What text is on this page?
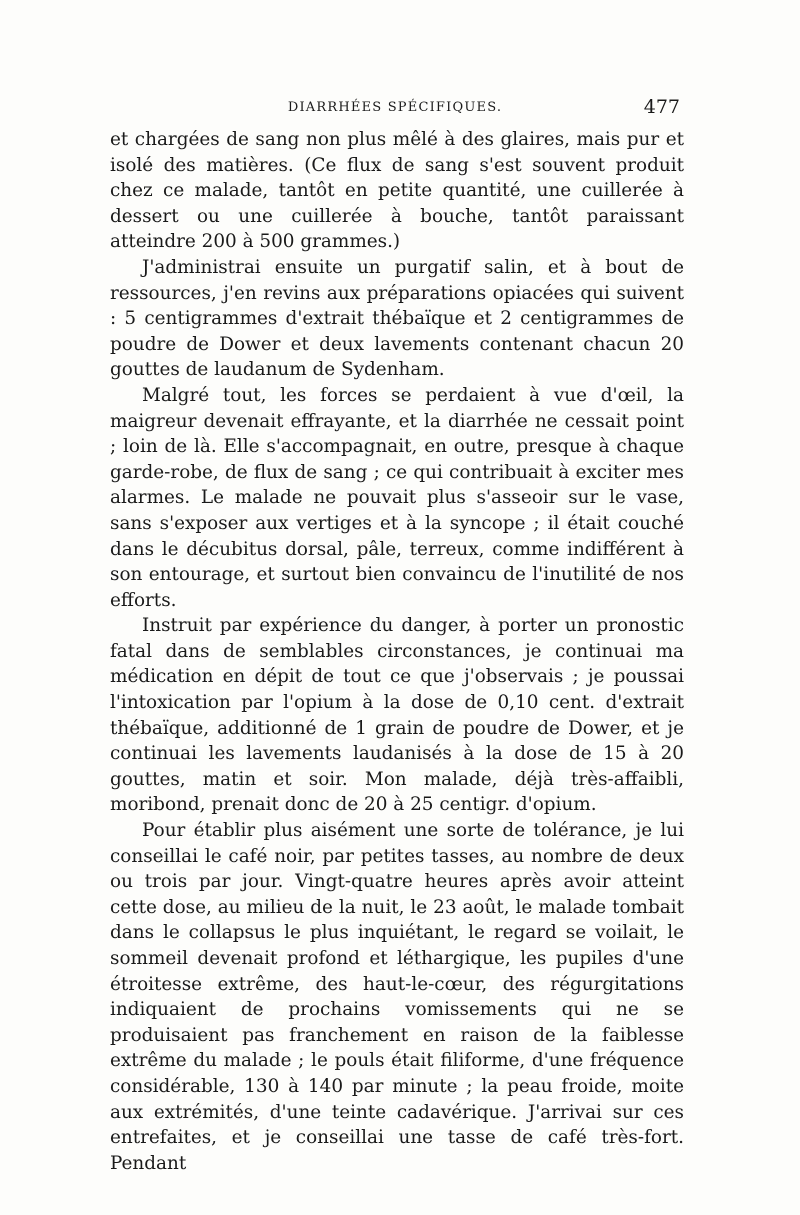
DIARRHÉES SPÉCIFIQUES.	477

et chargées de sang non plus mêlé à des glaires, mais pur et isolé des matières. (Ce flux de sang s'est souvent produit chez ce malade, tantôt en petite quantité, une cuillerée à dessert ou une cuillerée à bouche, tantôt paraissant atteindre 200 à 500 grammes.)

J'administrai ensuite un purgatif salin, et à bout de ressources, j'en revins aux préparations opiacées qui suivent : 5 centigrammes d'extrait thébaïque et 2 centigrammes de poudre de Dower et deux lavements contenant chacun 20 gouttes de laudanum de Sydenham.

Malgré tout, les forces se perdaient à vue d'œil, la maigreur devenait effrayante, et la diarrhée ne cessait point ; loin de là. Elle s'accompagnait, en outre, presque à chaque garde-robe, de flux de sang ; ce qui contribuait à exciter mes alarmes. Le malade ne pouvait plus s'asseoir sur le vase, sans s'exposer aux vertiges et à la syncope ; il était couché dans le décubitus dorsal, pâle, terreux, comme indifférent à son entourage, et surtout bien convaincu de l'inutilité de nos efforts.

Instruit par expérience du danger, à porter un pronostic fatal dans de semblables circonstances, je continuai ma médication en dépit de tout ce que j'observais ; je poussai l'intoxication par l'opium à la dose de 0,10 cent. d'extrait thébaïque, additionné de 1 grain de poudre de Dower, et je continuai les lavements laudanisés à la dose de 15 à 20 gouttes, matin et soir. Mon malade, déjà très-affaibli, moribond, prenait donc de 20 à 25 centigr. d'opium.

Pour établir plus aisément une sorte de tolérance, je lui conseillai le café noir, par petites tasses, au nombre de deux ou trois par jour. Vingt-quatre heures après avoir atteint cette dose, au milieu de la nuit, le 23 août, le malade tombait dans le collapsus le plus inquiétant, le regard se voilait, le sommeil devenait profond et léthargique, les pupiles d'une étroitesse extrême, des haut-le-cœur, des régurgitations indiquaient de prochains vomissements qui ne se produisaient pas franchement en raison de la faiblesse extrême du malade ; le pouls était filiforme, d'une fréquence considérable, 130 à 140 par minute ; la peau froide, moite aux extrémités, d'une teinte cadavérique. J'arrivai sur ces entrefaites, et je conseillai une tasse de café très-fort. Pendant
